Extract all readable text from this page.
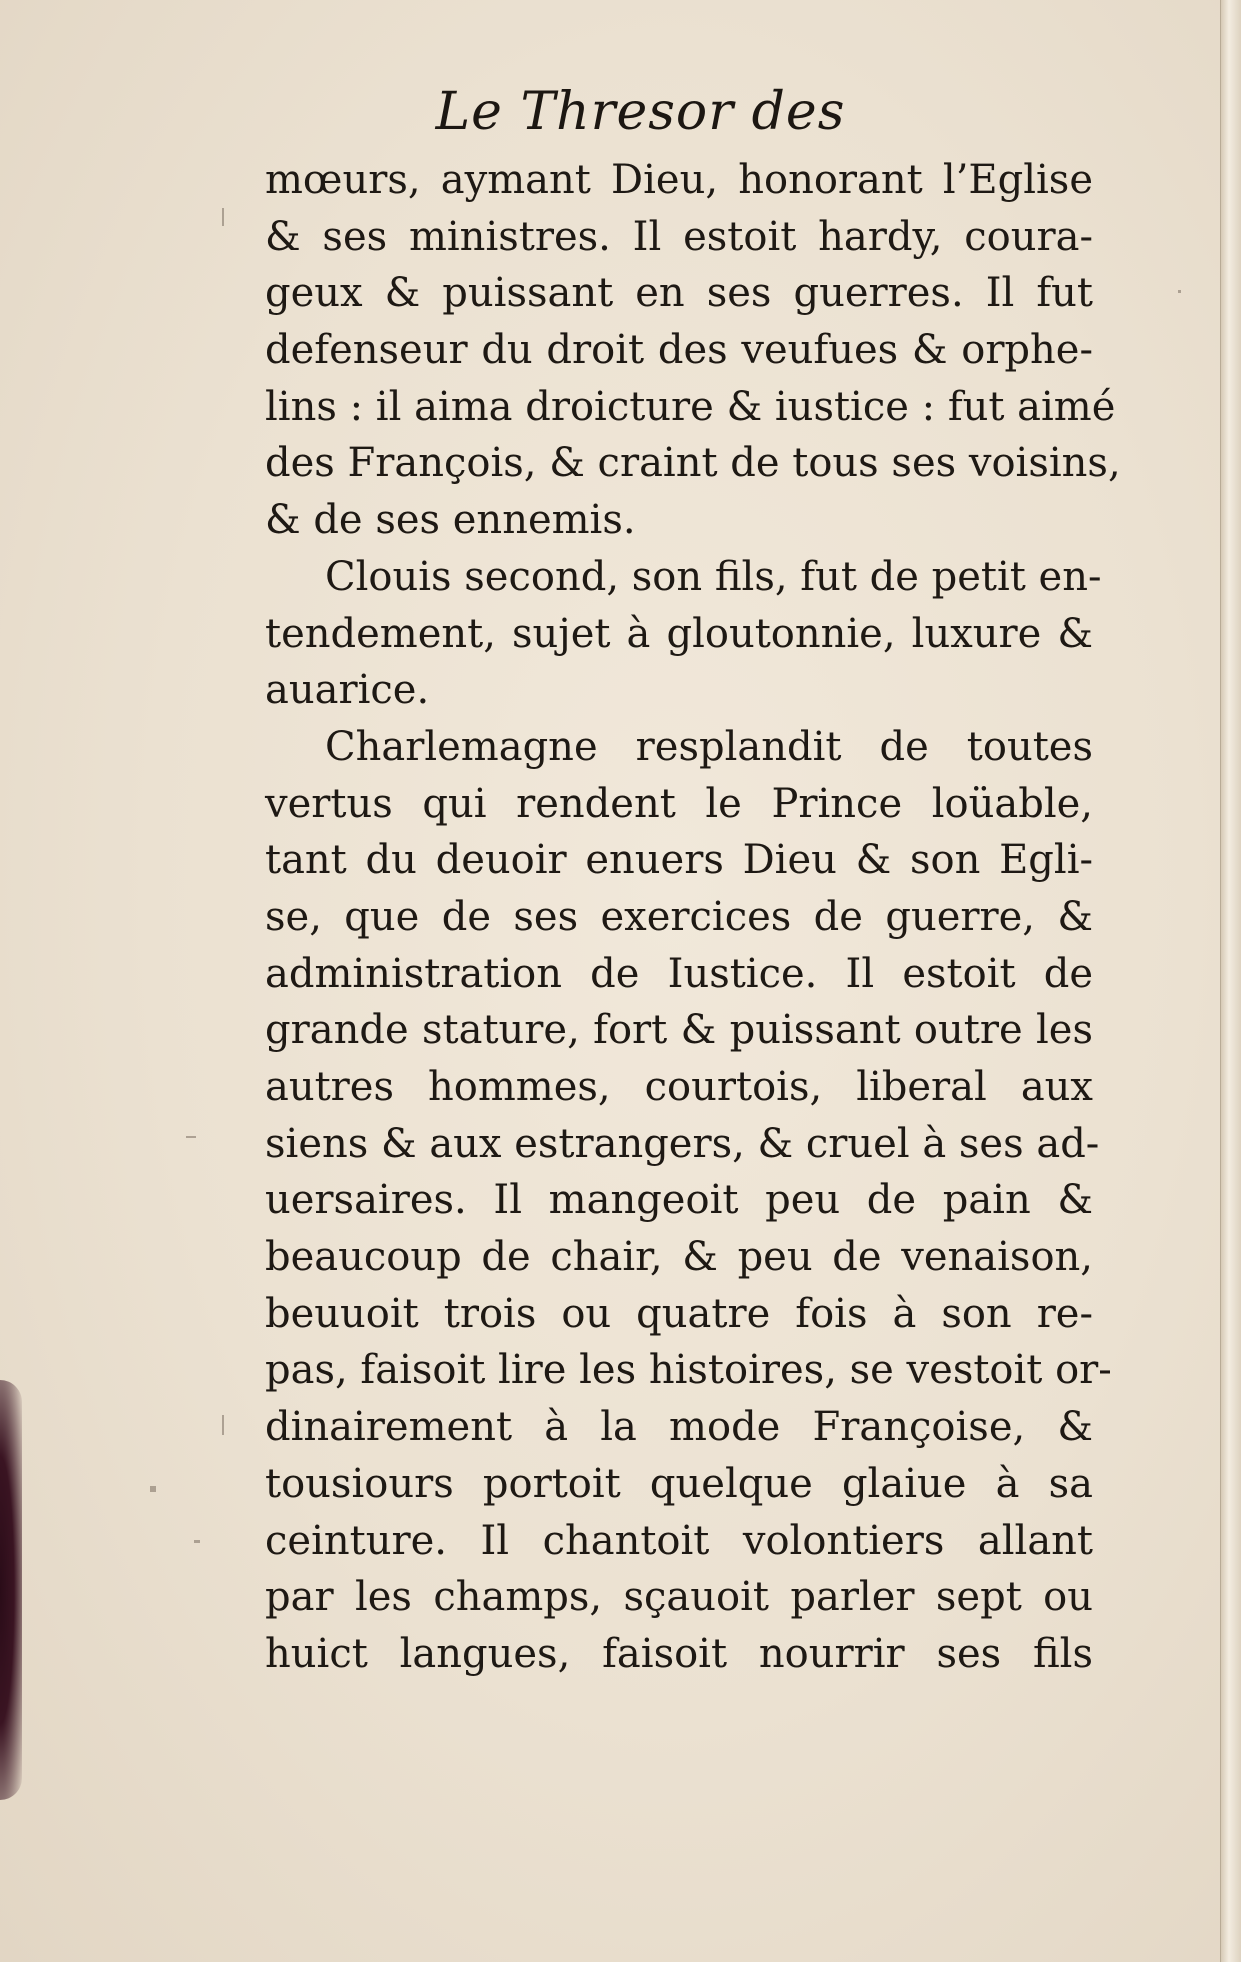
Le Thresor des
mœurs, aymant Dieu, honorant l’Eglise
& ses ministres. Il estoit hardy, coura-
geux & puissant en ses guerres. Il fut
defenseur du droit des veufues & orphe-
lins : il aima droicture & iustice : fut aimé
des François, & craint de tous ses voisins,
& de ses ennemis.
Clouis second, son fils, fut de petit en-
tendement, sujet à gloutonnie, luxure &
auarice.
Charlemagne resplandit de toutes
vertus qui rendent le Prince loüable,
tant du deuoir enuers Dieu & son Egli-
se, que de ses exercices de guerre, &
administration de Iustice. Il estoit de
grande stature, fort & puissant outre les
autres hommes, courtois, liberal aux
siens & aux estrangers, & cruel à ses ad-
uersaires. Il mangeoit peu de pain &
beaucoup de chair, & peu de venaison,
beuuoit trois ou quatre fois à son re-
pas, faisoit lire les histoires, se vestoit or-
dinairement à la mode Françoise, &
tousiours portoit quelque glaiue à sa
ceinture. Il chantoit volontiers allant
par les champs, sçauoit parler sept ou
huict langues, faisoit nourrir ses fils
